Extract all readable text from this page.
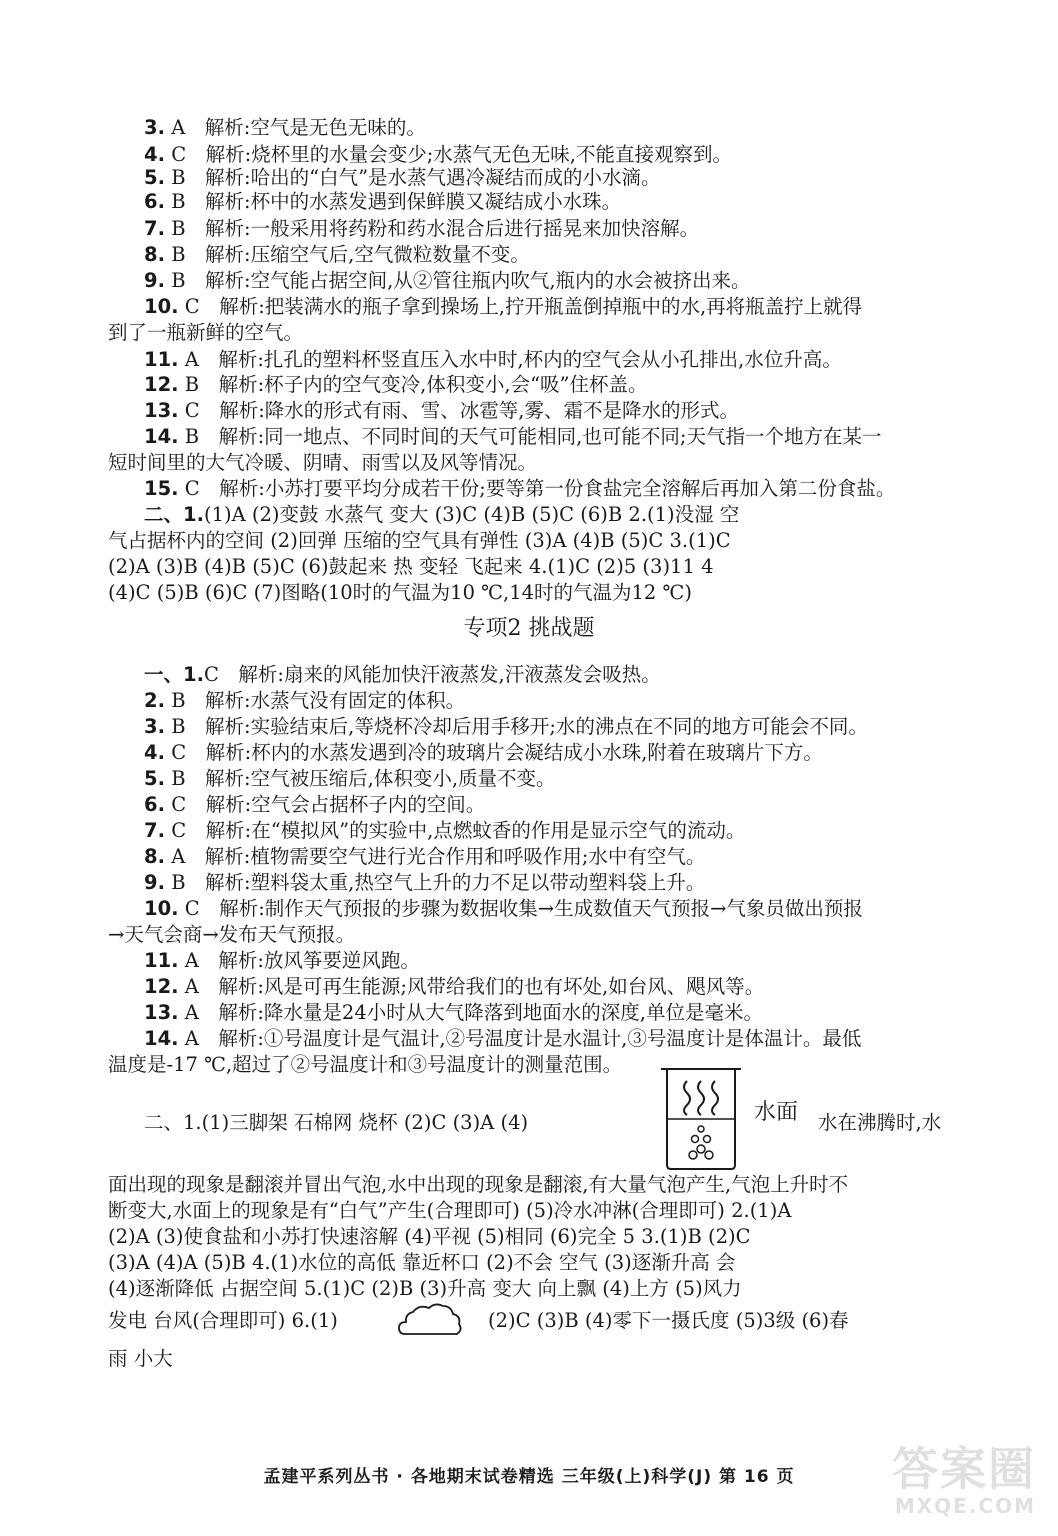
3. A　 解析:空气是无色无味的。
4. C　 解析:烧杯里的水量会变少;水蒸气无色无味,不能直接观察到。
5. B　 解析:哈出的“白气”是水蒸气遇冷凝结而成的小水滴。
6. B　 解析:杯中的水蒸发遇到保鲜膜又凝结成小水珠。
7. B　 解析:一般采用将药粉和药水混合后进行摇晃来加快溶解。
8. B　 解析:压缩空气后,空气微粒数量不变。
9. B　 解析:空气能占据空间,从②管往瓶内吹气,瓶内的水会被挤出来。
10. C　 解析:把装满水的瓶子拿到操场上,拧开瓶盖倒掉瓶中的水,再将瓶盖拧上就得
到了一瓶新鲜的空气。
11. A　 解析:扎孔的塑料杯竖直压入水中时,杯内的空气会从小孔排出,水位升高。
12. B　 解析:杯子内的空气变冷,体积变小,会“吸”住杯盖。
13. C　 解析:降水的形式有雨、雪、冰雹等,雾、霜不是降水的形式。
14. B　 解析:同一地点、不同时间的天气可能相同,也可能不同;天气指一个地方在某一
短时间里的大气冷暖、阴晴、雨雪以及风等情况。
15. C　 解析:小苏打要平均分成若干份;要等第一份食盐完全溶解后再加入第二份食盐。
二、1.(1)A (2)变鼓 水蒸气 变大 (3)C (4)B (5)C (6)B 2.(1)没湿 空
气占据杯内的空间 (2)回弹 压缩的空气具有弹性 (3)A (4)B (5)C 3.(1)C
(2)A (3)B (4)B (5)C (6)鼓起来 热 变轻 飞起来 4.(1)C (2)5 (3)11 4
(4)C (5)B (6)C (7)图略(10时的气温为10 ℃,14时的气温为12 ℃)
专项2 挑战题
一、1.C　 解析:扇来的风能加快汗液蒸发,汗液蒸发会吸热。
2. B　 解析:水蒸气没有固定的体积。
3. B　 解析:实验结束后,等烧杯冷却后用手移开;水的沸点在不同的地方可能会不同。
4. C　 解析:杯内的水蒸发遇到冷的玻璃片会凝结成小水珠,附着在玻璃片下方。
5. B　 解析:空气被压缩后,体积变小,质量不变。
6. C　 解析:空气会占据杯子内的空间。
7. C　 解析:在“模拟风”的实验中,点燃蚊香的作用是显示空气的流动。
8. A　 解析:植物需要空气进行光合作用和呼吸作用;水中有空气。
9. B　 解析:塑料袋太重,热空气上升的力不足以带动塑料袋上升。
10. C　 解析:制作天气预报的步骤为数据收集→生成数值天气预报→气象员做出预报
→天气会商→发布天气预报。
11. A　 解析:放风筝要逆风跑。
12. A　 解析:风是可再生能源;风带给我们的也有坏处,如台风、飓风等。
13. A　 解析:降水量是24小时从大气降落到地面水的深度,单位是毫米。
14. A　 解析:①号温度计是气温计,②号温度计是水温计,③号温度计是体温计。最低
温度是-17 ℃,超过了②号温度计和③号温度计的测量范围。
二、1.(1)三脚架 石棉网 烧杯 (2)C (3)A (4)	水面 水在沸腾时,水
面出现的现象是翻滚并冒出气泡,水中出现的现象是翻滚,有大量气泡产生,气泡上升时不
断变大,水面上的现象是有“白气”产生(合理即可) (5)冷水冲淋(合理即可) 2.(1)A
(2)A (3)使食盐和小苏打快速溶解 (4)平视 (5)相同 (6)完全 5 3.(1)B (2)C
(3)A (4)A (5)B 4.(1)水位的高低 靠近杯口 (2)不会 空气 (3)逐渐升高 会
(4)逐渐降低 占据空间 5.(1)C (2)B (3)升高 变大 向上飘 (4)上方 (5)风力
发电 台风(合理即可) 6.(1)	(2)C (3)B (4)零下一摄氏度 (5)3级 (6)春
雨 小大
孟建平系列丛书 · 各地期末试卷精选 三年级(上)科学(J) 第 16 页	答案圈
MXQE.COM
